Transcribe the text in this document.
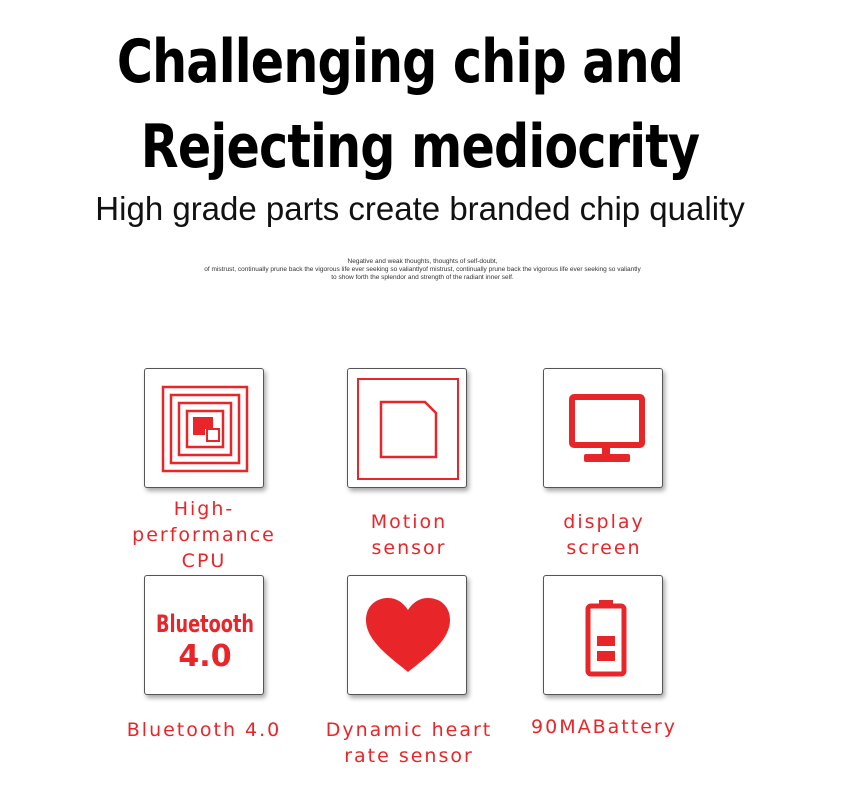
Challenging chip and
Rejecting mediocrity
High grade parts create branded chip quality
Negative and weak thoughts, thoughts of self-doubt,
of mistrust, continually prune back the vigorous life ever seeking so valiantlyof mistrust, continually prune back the vigorous life ever seeking so valiantly
to show forth the splendor and strength of the radiant inner self.
High-
performance
CPU
Motion
sensor
display
screen
Bluetooth
4.0
Bluetooth 4.0	Dynamic heart
rate sensor
90MABattery
